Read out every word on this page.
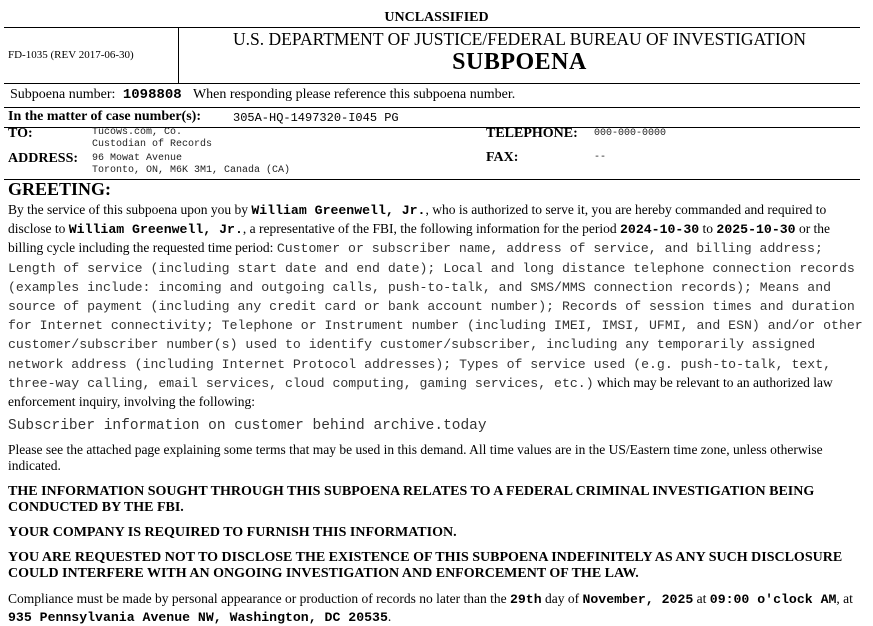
UNCLASSIFIED
FD-1035 (REV 2017-06-30)
U.S. DEPARTMENT OF JUSTICE/FEDERAL BUREAU OF INVESTIGATION
SUBPOENA
Subpoena number: 1098808 When responding please reference this subpoena number.
In the matter of case number(s):	305A-HQ-1497320-I045 PG
TO:	Tucows.com, Co.
Custodian of Records
ADDRESS: 96 Mowat Avenue
Toronto, ON, M6K 3M1, Canada (CA)
TELEPHONE: 000-000-0000
FAX:	--
GREETING:
By the service of this subpoena upon you by William Greenwell, Jr., who is authorized to serve it, you are hereby commanded and required to disclose to William Greenwell, Jr., a representative of the FBI, the following information for the period 2024-10-30 to 2025-10-30 or the billing cycle including the requested time period: Customer or subscriber name, address of service, and billing address; Length of service (including start date and end date); Local and long distance telephone connection records (examples include: incoming and outgoing calls, push-to-talk, and SMS/MMS connection records); Means and source of payment (including any credit card or bank account number); Records of session times and duration for Internet connectivity; Telephone or Instrument number (including IMEI, IMSI, UFMI, and ESN) and/or other customer/subscriber number(s) used to identify customer/subscriber, including any temporarily assigned network address (including Internet Protocol addresses); Types of service used (e.g. push-to-talk, text, three-way calling, email services, cloud computing, gaming services, etc.) which may be relevant to an authorized law enforcement inquiry, involving the following:
Subscriber information on customer behind archive.today
Please see the attached page explaining some terms that may be used in this demand. All time values are in the US/Eastern time zone, unless otherwise indicated.
THE INFORMATION SOUGHT THROUGH THIS SUBPOENA RELATES TO A FEDERAL CRIMINAL INVESTIGATION BEING CONDUCTED BY THE FBI.
YOUR COMPANY IS REQUIRED TO FURNISH THIS INFORMATION.
YOU ARE REQUESTED NOT TO DISCLOSE THE EXISTENCE OF THIS SUBPOENA INDEFINITELY AS ANY SUCH DISCLOSURE COULD INTERFERE WITH AN ONGOING INVESTIGATION AND ENFORCEMENT OF THE LAW.
Compliance must be made by personal appearance or production of records no later than the 29th day of November, 2025 at 09:00 o'clock AM, at 935 Pennsylvania Avenue NW, Washington, DC 20535.
